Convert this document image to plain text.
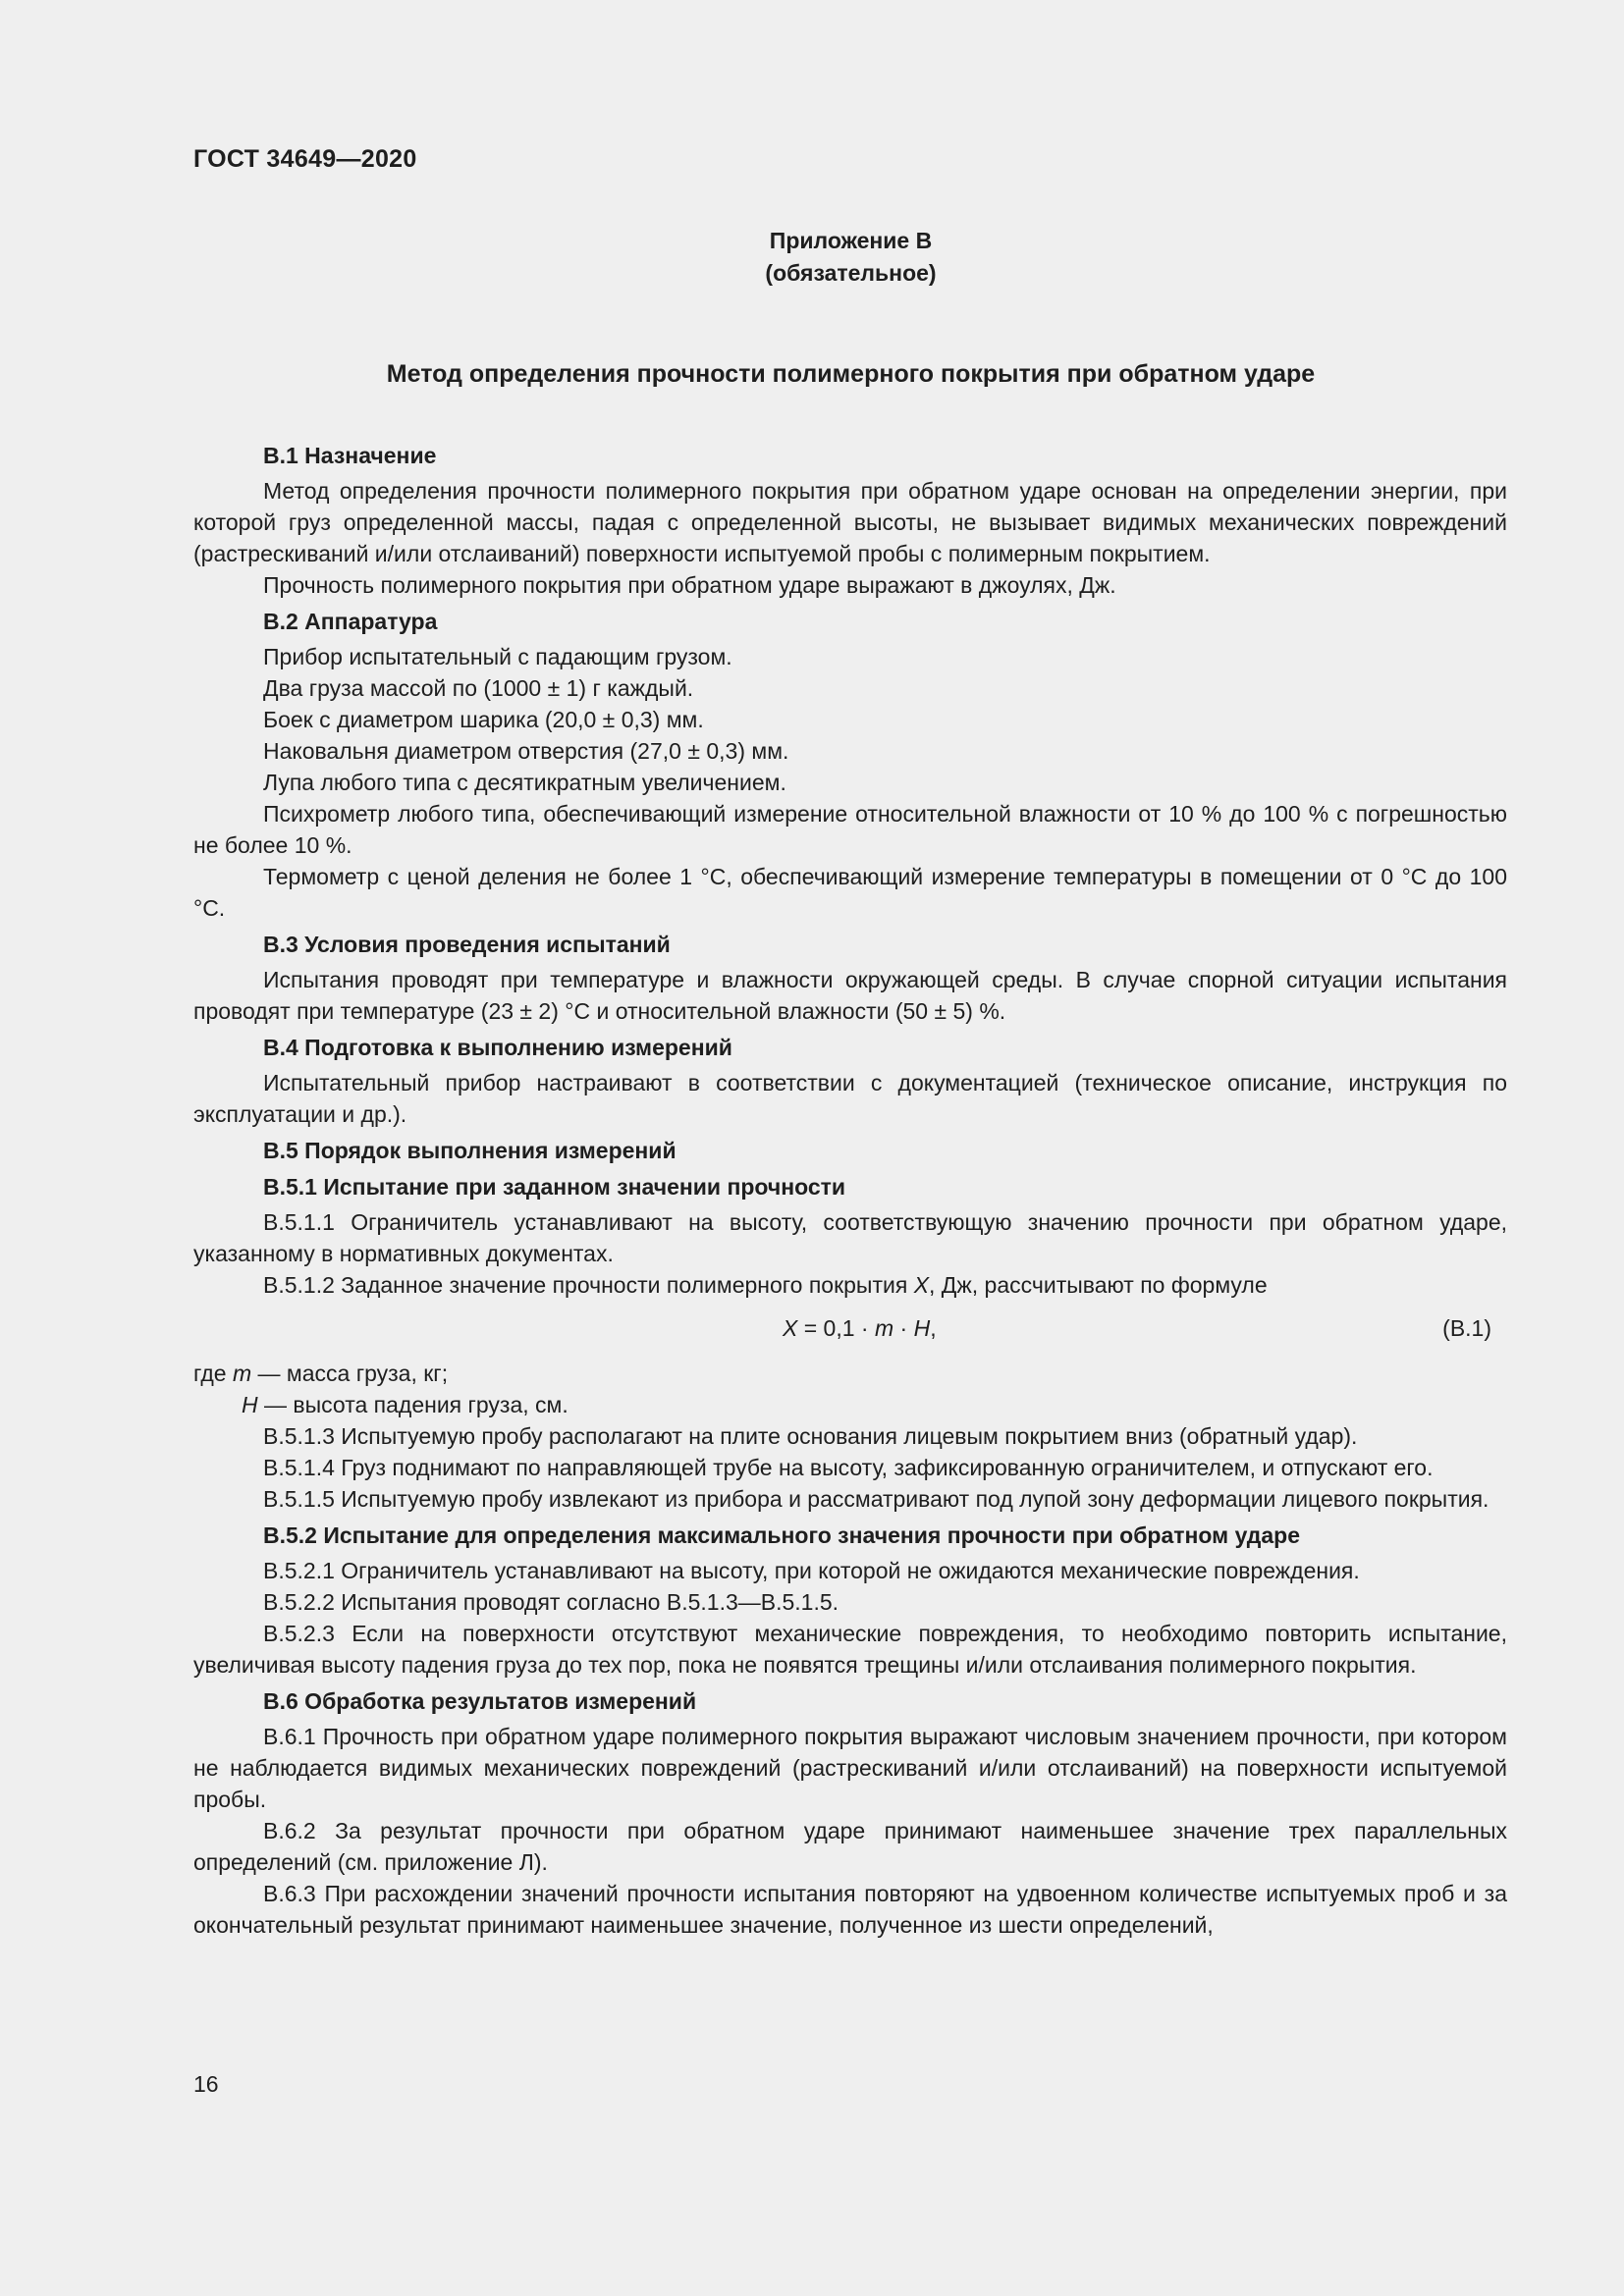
ГОСТ 34649—2020
Приложение В
(обязательное)
Метод определения прочности полимерного покрытия при обратном ударе
В.1 Назначение

Метод определения прочности полимерного покрытия при обратном ударе основан на определении энергии, при которой груз определенной массы, падая с определенной высоты, не вызывает видимых механических повреждений (растрескиваний и/или отслаиваний) поверхности испытуемой пробы с полимерным покрытием.

Прочность полимерного покрытия при обратном ударе выражают в джоулях, Дж.

В.2 Аппаратура

Прибор испытательный с падающим грузом.

Два груза массой по (1000 ± 1) г каждый.

Боек с диаметром шарика (20,0 ± 0,3) мм.

Наковальня диаметром отверстия (27,0 ± 0,3) мм.

Лупа любого типа с десятикратным увеличением.

Психрометр любого типа, обеспечивающий измерение относительной влажности от 10 % до 100 % с погрешностью не более 10 %.

Термометр с ценой деления не более 1 °С, обеспечивающий измерение температуры в помещении от 0 °С до 100 °С.

В.3 Условия проведения испытаний

Испытания проводят при температуре и влажности окружающей среды. В случае спорной ситуации испытания проводят при температуре (23 ± 2) °С и относительной влажности (50 ± 5) %.

В.4 Подготовка к выполнению измерений

Испытательный прибор настраивают в соответствии с документацией (техническое описание, инструкция по эксплуатации и др.).

В.5 Порядок выполнения измерений
В.5.1 Испытание при заданном значении прочности

В.5.1.1 Ограничитель устанавливают на высоту, соответствующую значению прочности при обратном ударе, указанному в нормативных документах.

В.5.1.2 Заданное значение прочности полимерного покрытия X, Дж, рассчитывают по формуле

X = 0,1 · m · H,	(В.1)

где m — масса груза, кг;

H — высота падения груза, см.

В.5.1.3 Испытуемую пробу располагают на плите основания лицевым покрытием вниз (обратный удар).

В.5.1.4 Груз поднимают по направляющей трубе на высоту, зафиксированную ограничителем, и отпускают его.

В.5.1.5 Испытуемую пробу извлекают из прибора и рассматривают под лупой зону деформации лицевого покрытия.

В.5.2 Испытание для определения максимального значения прочности при обратном ударе

В.5.2.1 Ограничитель устанавливают на высоту, при которой не ожидаются механические повреждения.

В.5.2.2 Испытания проводят согласно В.5.1.3—В.5.1.5.

В.5.2.3 Если на поверхности отсутствуют механические повреждения, то необходимо повторить испытание, увеличивая высоту падения груза до тех пор, пока не появятся трещины и/или отслаивания полимерного покрытия.

В.6 Обработка результатов измерений

В.6.1 Прочность при обратном ударе полимерного покрытия выражают числовым значением прочности, при котором не наблюдается видимых механических повреждений (растрескиваний и/или отслаиваний) на поверхности испытуемой пробы.

В.6.2 За результат прочности при обратном ударе принимают наименьшее значение трех параллельных определений (см. приложение Л).

В.6.3 При расхождении значений прочности испытания повторяют на удвоенном количестве испытуемых проб и за окончательный результат принимают наименьшее значение, полученное из шести определений,

16
